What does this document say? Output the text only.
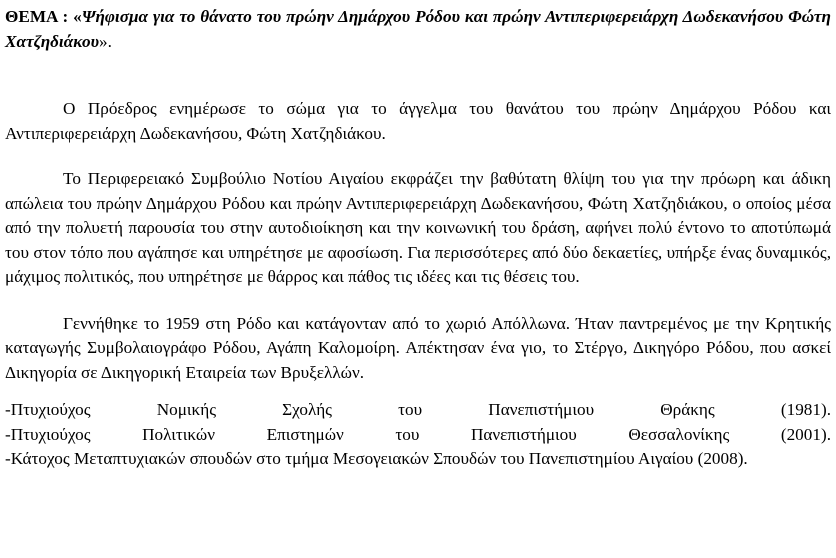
ΘΕΜΑ : «Ψήφισμα για το θάνατο του πρώην Δημάρχου Ρόδου και πρώην Αντιπεριφερειάρχη Δωδεκανήσου Φώτη Χατζηδιάκου».

Ο Πρόεδρος ενημέρωσε το σώμα για το άγγελμα του θανάτου του πρώην Δημάρχου Ρόδου και Αντιπεριφερειάρχη Δωδεκανήσου, Φώτη Χατζηδιάκου.

Το Περιφερειακό Συμβούλιο Νοτίου Αιγαίου εκφράζει την βαθύτατη θλίψη του για την πρόωρη και άδικη απώλεια του πρώην Δημάρχου Ρόδου και πρώην Αντιπεριφερειάρχη Δωδεκανήσου, Φώτη Χατζηδιάκου, ο οποίος μέσα από την πολυετή παρουσία του στην αυτοδιοίκηση και την κοινωνική του δράση, αφήνει πολύ έντονο το αποτύπωμά του στον τόπο που αγάπησε και υπηρέτησε με αφοσίωση. Για περισσότερες από δύο δεκαετίες, υπήρξε ένας δυναμικός, μάχιμος πολιτικός, που υπηρέτησε με θάρρος και πάθος τις ιδέες και τις θέσεις του.

Γεννήθηκε το 1959 στη Ρόδο και κατάγονταν από το χωριό Απόλλωνα. Ήταν παντρεμένος με την Κρητικής καταγωγής Συμβολαιογράφο Ρόδου, Αγάπη Καλομοίρη. Απέκτησαν ένα γιο, το Στέργο, Δικηγόρο Ρόδου, που ασκεί Δικηγορία σε Δικηγορική Εταιρεία των Βρυξελλών.

-Πτυχιούχος Νομικής Σχολής του Πανεπιστήμιου Θράκης (1981).

-Πτυχιούχος Πολιτικών Επιστημών του Πανεπιστήμιου Θεσσαλονίκης (2001).

-Κάτοχος Μεταπτυχιακών σπουδών στο τμήμα Μεσογειακών Σπουδών του Πανεπιστημίου Αιγαίου (2008).
